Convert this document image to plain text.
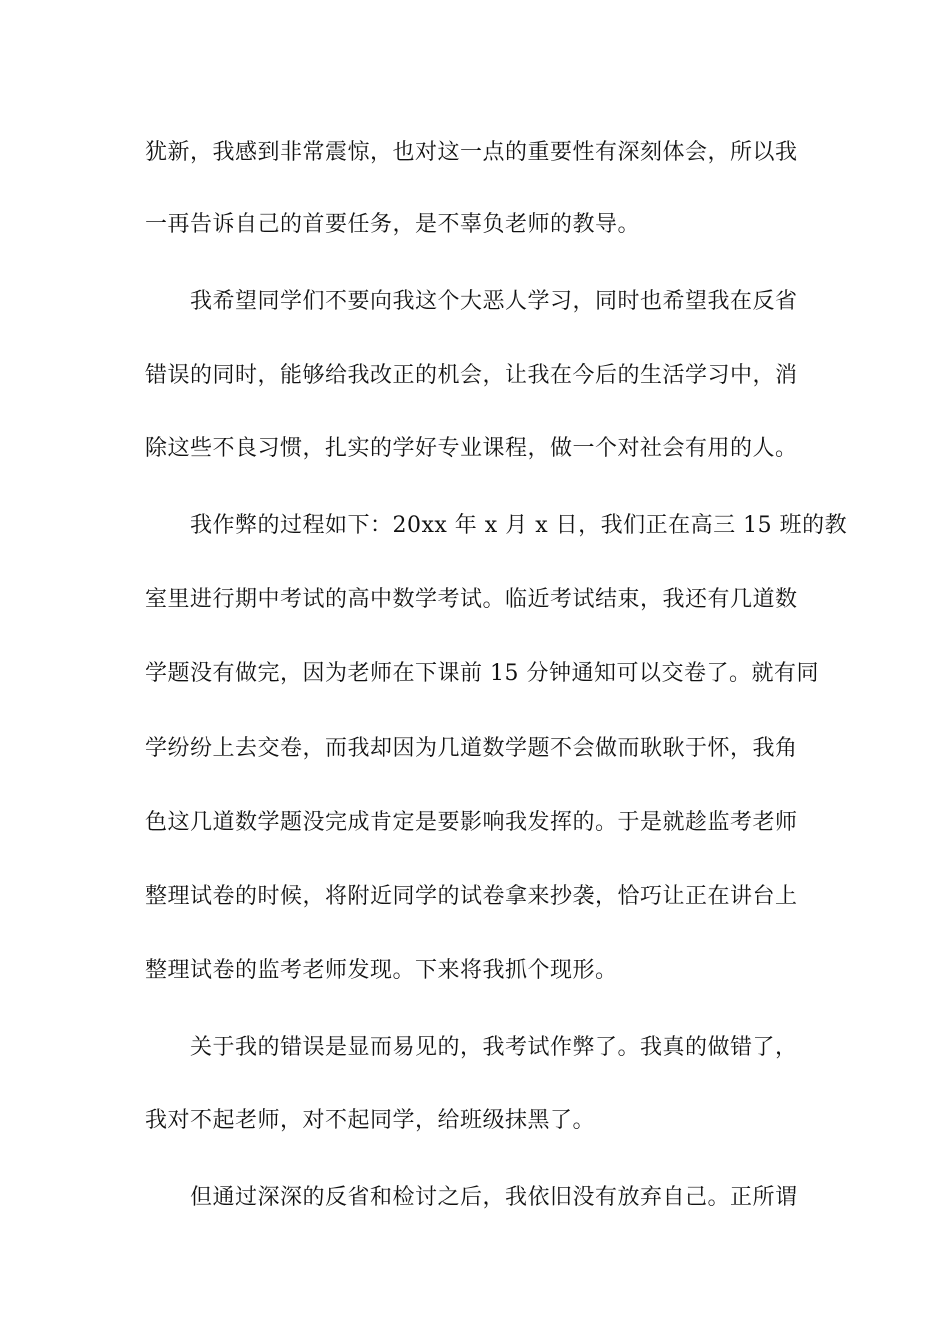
犹新，我感到非常震惊，也对这一点的重要性有深刻体会，所以我
一再告诉自己的首要任务，是不辜负老师的教导。
我希望同学们不要向我这个大恶人学习，同时也希望我在反省
错误的同时，能够给我改正的机会，让我在今后的生活学习中，消
除这些不良习惯，扎实的学好专业课程，做一个对社会有用的人。
我作弊的过程如下：20xx 年 x 月 x 日，我们正在高三 15 班的教
室里进行期中考试的高中数学考试。临近考试结束，我还有几道数
学题没有做完，因为老师在下课前 15 分钟通知可以交卷了。就有同
学纷纷上去交卷，而我却因为几道数学题不会做而耿耿于怀，我角
色这几道数学题没完成肯定是要影响我发挥的。于是就趁监考老师
整理试卷的时候，将附近同学的试卷拿来抄袭，恰巧让正在讲台上
整理试卷的监考老师发现。下来将我抓个现形。
关于我的错误是显而易见的，我考试作弊了。我真的做错了，
我对不起老师，对不起同学，给班级抹黑了。
但通过深深的反省和检讨之后，我依旧没有放弃自己。正所谓
